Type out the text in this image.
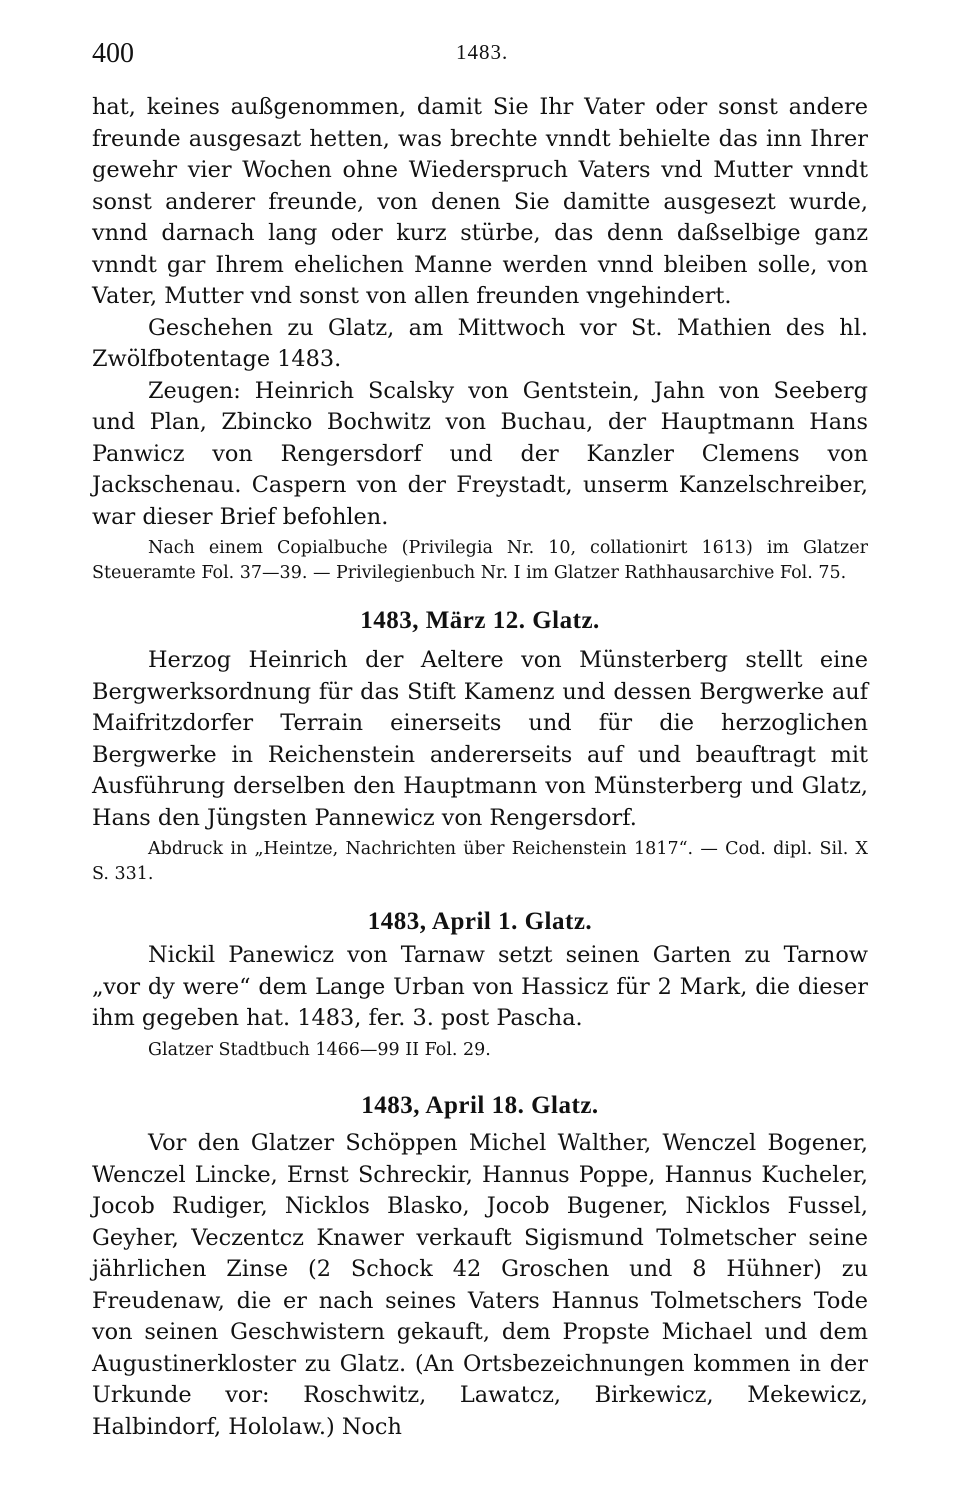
400	1483.

hat, keines außgenommen, damit Sie Ihr Vater oder sonst andere freunde ausgesazt hetten, was brechte vnndt behielte das inn Ihrer gewehr vier Wochen ohne Wiederspruch Vaters vnd Mutter vnndt sonst anderer freunde, von denen Sie damitte ausgesezt wurde, vnnd darnach lang oder kurz stürbe, das denn daßselbige ganz vnndt gar Ihrem ehelichen Manne werden vnnd bleiben solle, von Vater, Mutter vnd sonst von allen freunden vngehindert.

Geschehen zu Glatz, am Mittwoch vor St. Mathien des hl. Zwölfbotentage 1483.

Zeugen: Heinrich Scalsky von Gentstein, Jahn von Seeberg und Plan, Zbincko Bochwitz von Buchau, der Hauptmann Hans Panwicz von Rengersdorf und der Kanzler Clemens von Jackschenau. Caspern von der Freystadt, unserm Kanzelschreiber, war dieser Brief befohlen.

Nach einem Copialbuche (Privilegia Nr. 10, collationirt 1613) im Glatzer Steueramte Fol. 37—39. — Privilegienbuch Nr. I im Glatzer Rathhausarchive Fol. 75.

1483, März 12. Glatz.

Herzog Heinrich der Aeltere von Münsterberg stellt eine Bergwerksordnung für das Stift Kamenz und dessen Bergwerke auf Maifritzdorfer Terrain einerseits und für die herzoglichen Bergwerke in Reichenstein andererseits auf und beauftragt mit Ausführung derselben den Hauptmann von Münsterberg und Glatz, Hans den Jüngsten Pannewicz von Rengersdorf.

Abdruck in „Heintze, Nachrichten über Reichenstein 1817“. — Cod. dipl. Sil. X S. 331.

1483, April 1. Glatz.

Nickil Panewicz von Tarnaw setzt seinen Garten zu Tarnow „vor dy were“ dem Lange Urban von Hassicz für 2 Mark, die dieser ihm gegeben hat. 1483, fer. 3. post Pascha.

Glatzer Stadtbuch 1466—99 II Fol. 29.

1483, April 18. Glatz.

Vor den Glatzer Schöppen Michel Walther, Wenczel Bogener, Wenczel Lincke, Ernst Schreckir, Hannus Poppe, Hannus Kucheler, Jocob Rudiger, Nicklos Blasko, Jocob Bugener, Nicklos Fussel, Geyher, Veczentcz Knawer verkauft Sigismund Tolmetscher seine jährlichen Zinse (2 Schock 42 Groschen und 8 Hühner) zu Freudenaw, die er nach seines Vaters Hannus Tolmetschers Tode von seinen Geschwistern gekauft, dem Propste Michael und dem Augustinerkloster zu Glatz. (An Ortsbezeichnungen kommen in der Urkunde vor: Roschwitz, Lawatcz, Birkewicz, Mekewicz, Halbindorf, Hololaw.) Noch
